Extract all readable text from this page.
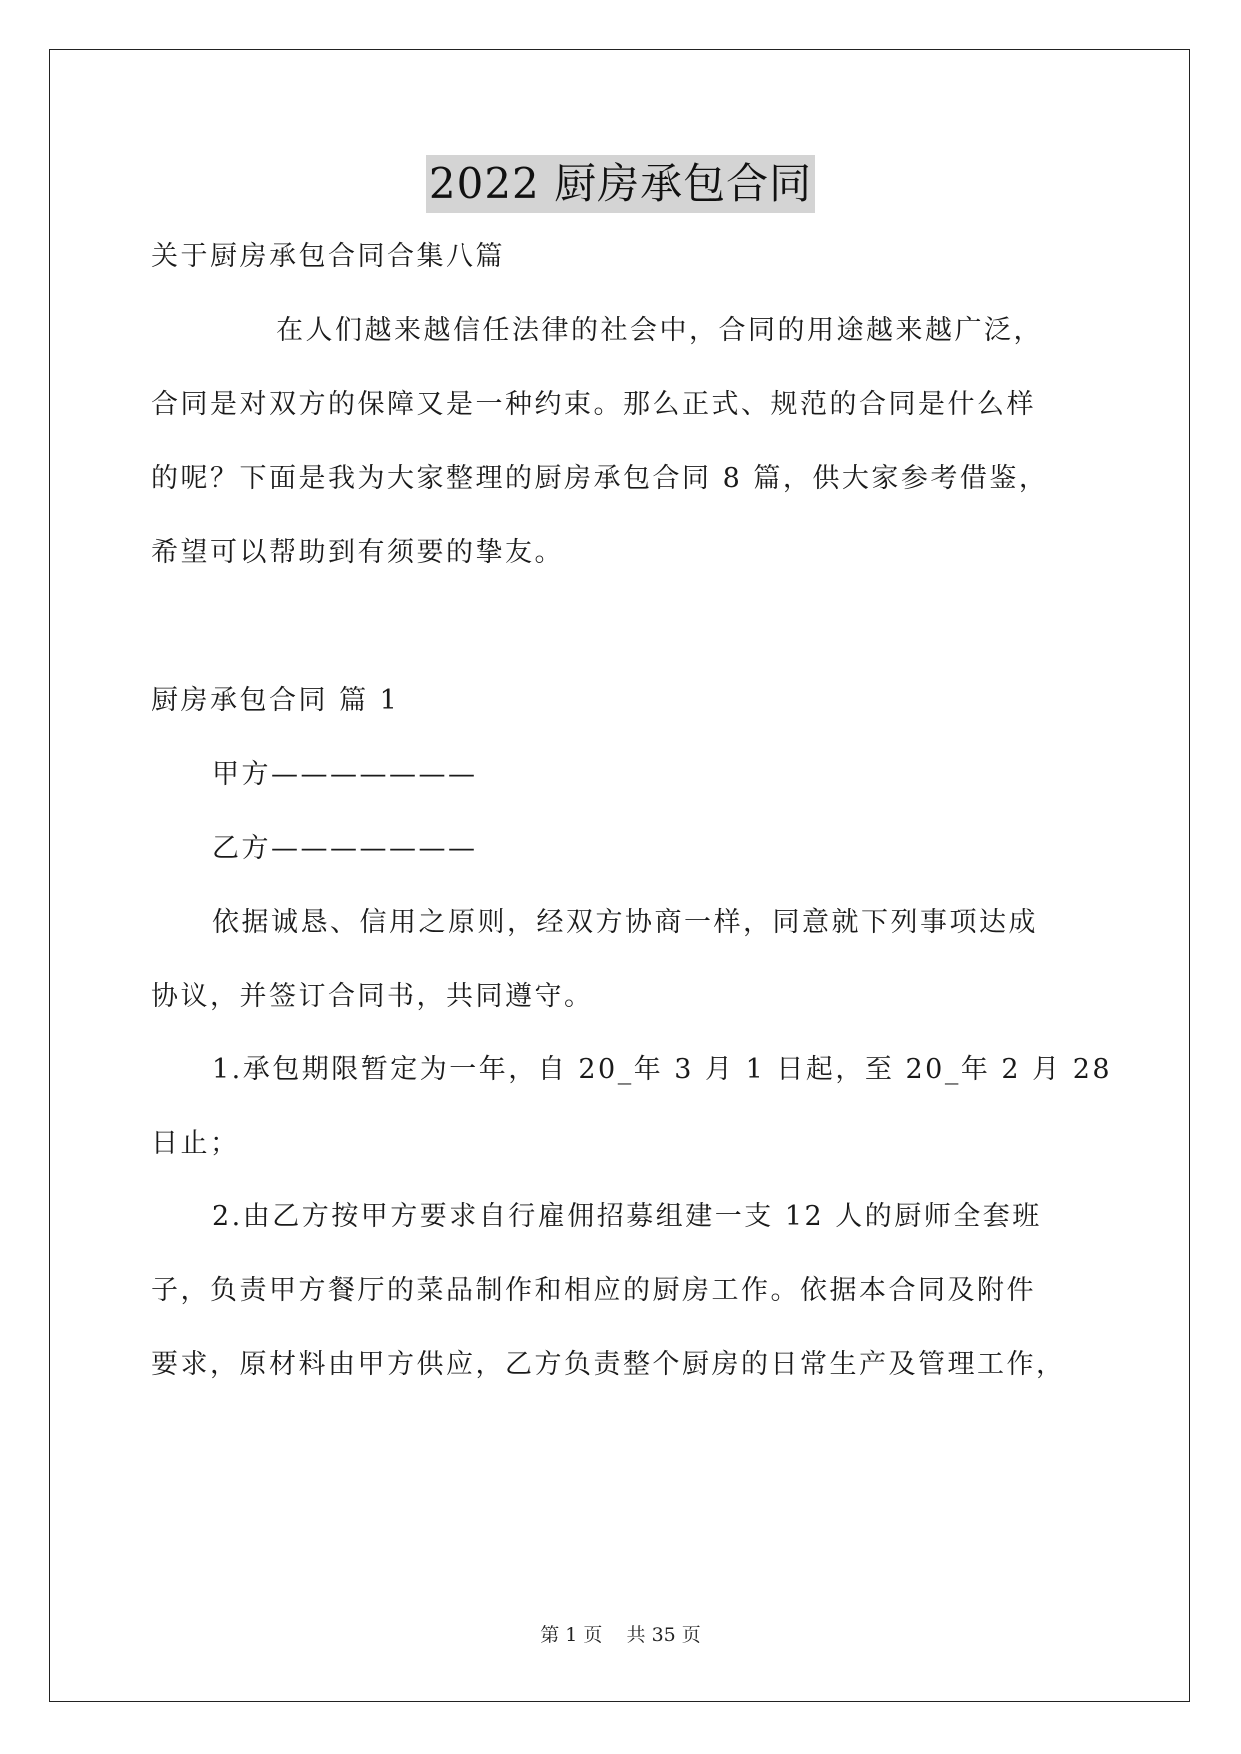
2022 厨房承包合同
关于厨房承包合同合集八篇
在人们越来越信任法律的社会中，合同的用途越来越广泛，
合同是对双方的保障又是一种约束。那么正式、规范的合同是什么样
的呢？下面是我为大家整理的厨房承包合同 8 篇，供大家参考借鉴，
希望可以帮助到有须要的挚友。
厨房承包合同 篇 1
甲方———————
乙方———————
依据诚恳、信用之原则，经双方协商一样，同意就下列事项达成
协议，并签订合同书，共同遵守。
1.承包期限暂定为一年，自 20_年 3 月 1 日起，至 20_年 2 月 28
日止；
2.由乙方按甲方要求自行雇佣招募组建一支 12 人的厨师全套班
子，负责甲方餐厅的菜品制作和相应的厨房工作。依据本合同及附件
要求，原材料由甲方供应，乙方负责整个厨房的日常生产及管理工作，
第 1 页 共 35 页
